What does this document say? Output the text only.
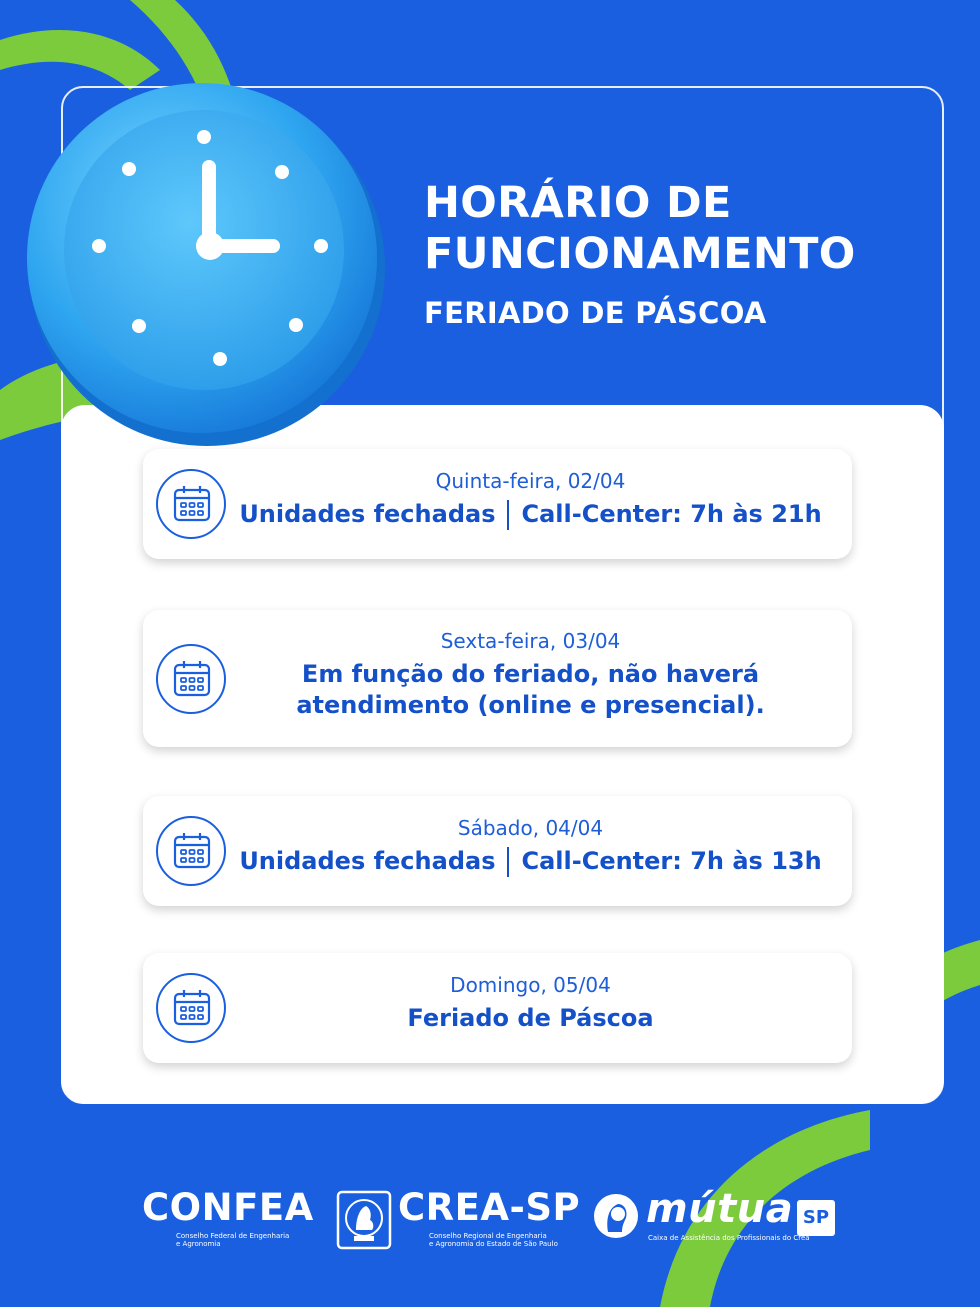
HORÁRIO DE
FUNCIONAMENTO
FERIADO DE PÁSCOA
Quinta-feira, 02/04
Unidades fechadas Call-Center: 7h às 21h
Sexta-feira, 03/04
Em função do feriado, não haverá
atendimento (online e presencial).
Sábado, 04/04
Unidades fechadas Call-Center: 7h às 13h
Domingo, 05/04
Feriado de Páscoa
CONFEA
Conselho Federal de Engenharia
e Agronomia
CREA-SP
Conselho Regional de Engenharia
e Agronomia do Estado de São Paulo
mútua SP
Caixa de Assistência dos Profissionais do Crea
